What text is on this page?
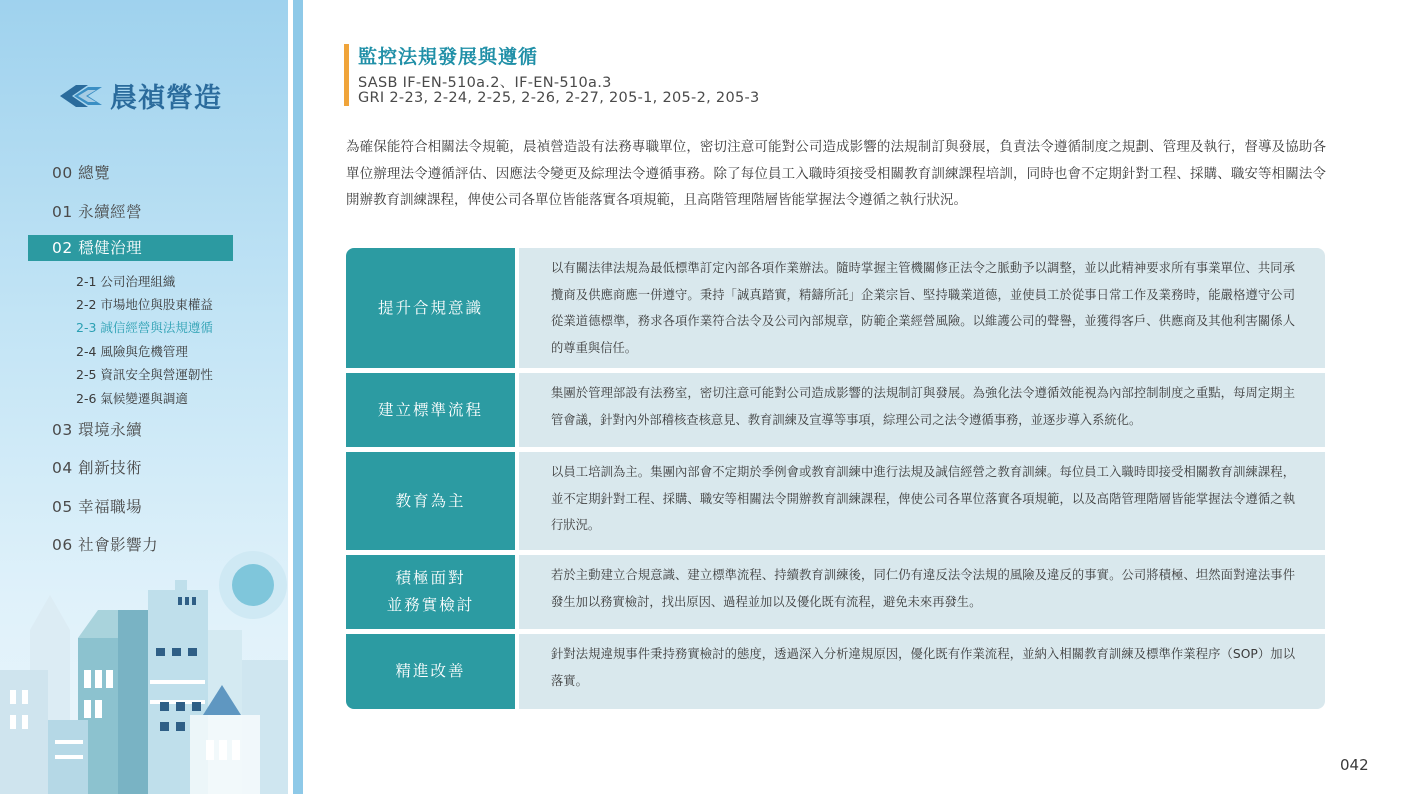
晨禎營造
00 總覽
01 永續經營
02 穩健治理
2-1 公司治理組織
2-2 市場地位與股東權益
2-3 誠信經營與法規遵循
2-4 風險與危機管理
2-5 資訊安全與營運韌性
2-6 氣候變遷與調適
03 環境永續
04 創新技術
05 幸福職場
06 社會影響力
監控法規發展與遵循
SASB IF-EN-510a.2、IF-EN-510a.3
GRI 2-23, 2-24, 2-25, 2-26, 2-27, 205-1, 205-2, 205-3
為確保能符合相關法令規範，晨禎營造設有法務專職單位，密切注意可能對公司造成影響的法規制訂與發展，負責法令遵循制度之規劃、管理及執行，督導及協助各單位辦理法令遵循評估、因應法令變更及綜理法令遵循事務。除了每位員工入職時須接受相關教育訓練課程培訓，同時也會不定期針對工程、採購、職安等相關法令開辦教育訓練課程，俾使公司各單位皆能落實各項規範，且高階管理階層皆能掌握法令遵循之執行狀況。
提升合規意識
以有關法律法規為最低標準訂定內部各項作業辦法。隨時掌握主管機關修正法令之脈動予以調整，並以此精神要求所有事業單位、共同承攬商及供應商應一併遵守。秉持「誠真踏實，精鑄所託」企業宗旨、堅持職業道德，並使員工於從事日常工作及業務時，能嚴格遵守公司從業道德標準，務求各項作業符合法令及公司內部規章，防範企業經營風險。以維護公司的聲譽，並獲得客戶、供應商及其他利害關係人的尊重與信任。
建立標準流程
集團於管理部設有法務室，密切注意可能對公司造成影響的法規制訂與發展。為強化法令遵循效能視為內部控制制度之重點，每周定期主管會議，針對內外部稽核查核意見、教育訓練及宣導等事項，綜理公司之法令遵循事務，並逐步導入系統化。
教育為主
以員工培訓為主。集團內部會不定期於季例會或教育訓練中進行法規及誠信經營之教育訓練。每位員工入職時即接受相關教育訓練課程，並不定期針對工程、採購、職安等相關法令開辦教育訓練課程，俾使公司各單位落實各項規範，以及高階管理階層皆能掌握法令遵循之執行狀況。
積極面對
並務實檢討
若於主動建立合規意識、建立標準流程、持續教育訓練後，同仁仍有違反法令法規的風險及違反的事實。公司將積極、坦然面對違法事件發生加以務實檢討，找出原因、過程並加以及優化既有流程，避免未來再發生。
精進改善
針對法規違規事件秉持務實檢討的態度，透過深入分析違規原因，優化既有作業流程，並納入相關教育訓練及標準作業程序（SOP）加以落實。
042
